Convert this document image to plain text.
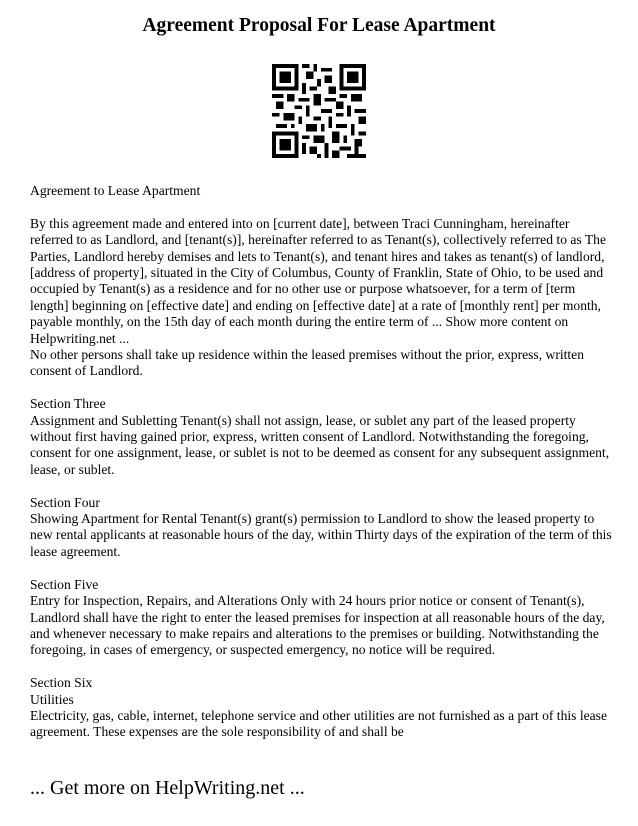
Agreement Proposal For Lease Apartment

Agreement to Lease Apartment

By this agreement made and entered into on [current date], between Traci Cunningham, hereinafter referred to as Landlord, and [tenant(s)], hereinafter referred to as Tenant(s), collectively referred to as The Parties, Landlord hereby demises and lets to Tenant(s), and tenant hires and takes as tenant(s) of landlord, [address of property], situated in the City of Columbus, County of Franklin, State of Ohio, to be used and occupied by Tenant(s) as a residence and for no other use or purpose whatsoever, for a term of [term length] beginning on [effective date] and ending on [effective date] at a rate of [monthly rent] per month, payable monthly, on the 15th day of each month during the entire term of ... Show more content on Helpwriting.net ...

No other persons shall take up residence within the leased premises without the prior, express, written consent of Landlord.

Section Three

Assignment and Subletting Tenant(s) shall not assign, lease, or sublet any part of the leased property without first having gained prior, express, written consent of Landlord. Notwithstanding the foregoing, consent for one assignment, lease, or sublet is not to be deemed as consent for any subsequent assignment, lease, or sublet.

Section Four

Showing Apartment for Rental Tenant(s) grant(s) permission to Landlord to show the leased property to new rental applicants at reasonable hours of the day, within Thirty days of the expiration of the term of this lease agreement.

Section Five

Entry for Inspection, Repairs, and Alterations Only with 24 hours prior notice or consent of Tenant(s), Landlord shall have the right to enter the leased premises for inspection at all reasonable hours of the day, and whenever necessary to make repairs and alterations to the premises or building. Notwithstanding the foregoing, in cases of emergency, or suspected emergency, no notice will be required.

Section Six

Utilities

Electricity, gas, cable, internet, telephone service and other utilities are not furnished as a part of this lease agreement. These expenses are the sole responsibility of and shall be

... Get more on HelpWriting.net ...
